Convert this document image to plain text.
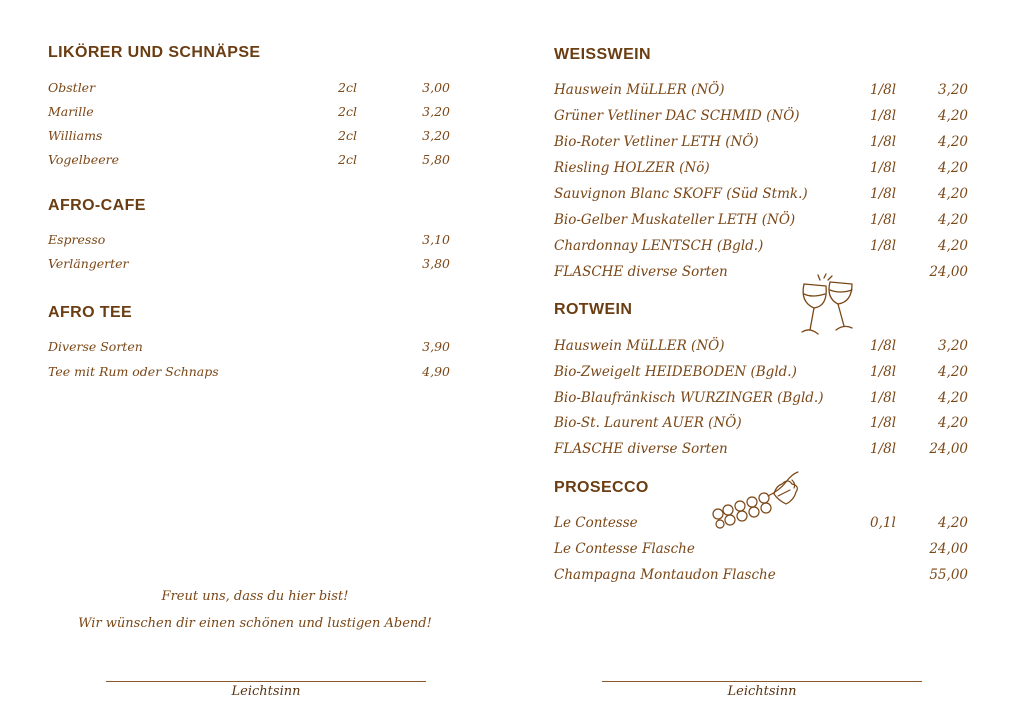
LIKÖRER UND SCHNÄPSE
Obstler	2cl	3,00
Marille	2cl	3,20
Williams	2cl	3,20
Vogelbeere	2cl	5,80
AFRO-CAFE
Espresso	3,10
Verlängerter	3,80
AFRO TEE
Diverse Sorten	3,90
Tee mit Rum oder Schnaps	4,90
Freut uns, dass du hier bist!
Wir wünschen dir einen schönen und lustigen Abend!
Leichtsinn
WEISSWEIN
Hauswein MüLLER (NÖ)	1/8l	3,20
Grüner Vetliner DAC SCHMID (NÖ)	1/8l	4,20
Bio-Roter Vetliner LETH (NÖ)	1/8l	4,20
Riesling HOLZER (Nö)	1/8l	4,20
Sauvignon Blanc SKOFF (Süd Stmk.)	1/8l	4,20
Bio-Gelber Muskateller LETH (NÖ)	1/8l	4,20
Chardonnay LENTSCH (Bgld.)	1/8l	4,20
FLASCHE diverse Sorten	24,00
ROTWEIN
Hauswein MüLLER (NÖ)	1/8l	3,20
Bio-Zweigelt HEIDEBODEN (Bgld.)	1/8l	4,20
Bio-Blaufränkisch WURZINGER (Bgld.)	1/8l	4,20
Bio-St. Laurent AUER (NÖ)	1/8l	4,20
FLASCHE diverse Sorten	1/8l	24,00
PROSECCO
Le Contesse	0,1l	4,20
Le Contesse Flasche	24,00
Champagna Montaudon Flasche	55,00
Leichtsinn
